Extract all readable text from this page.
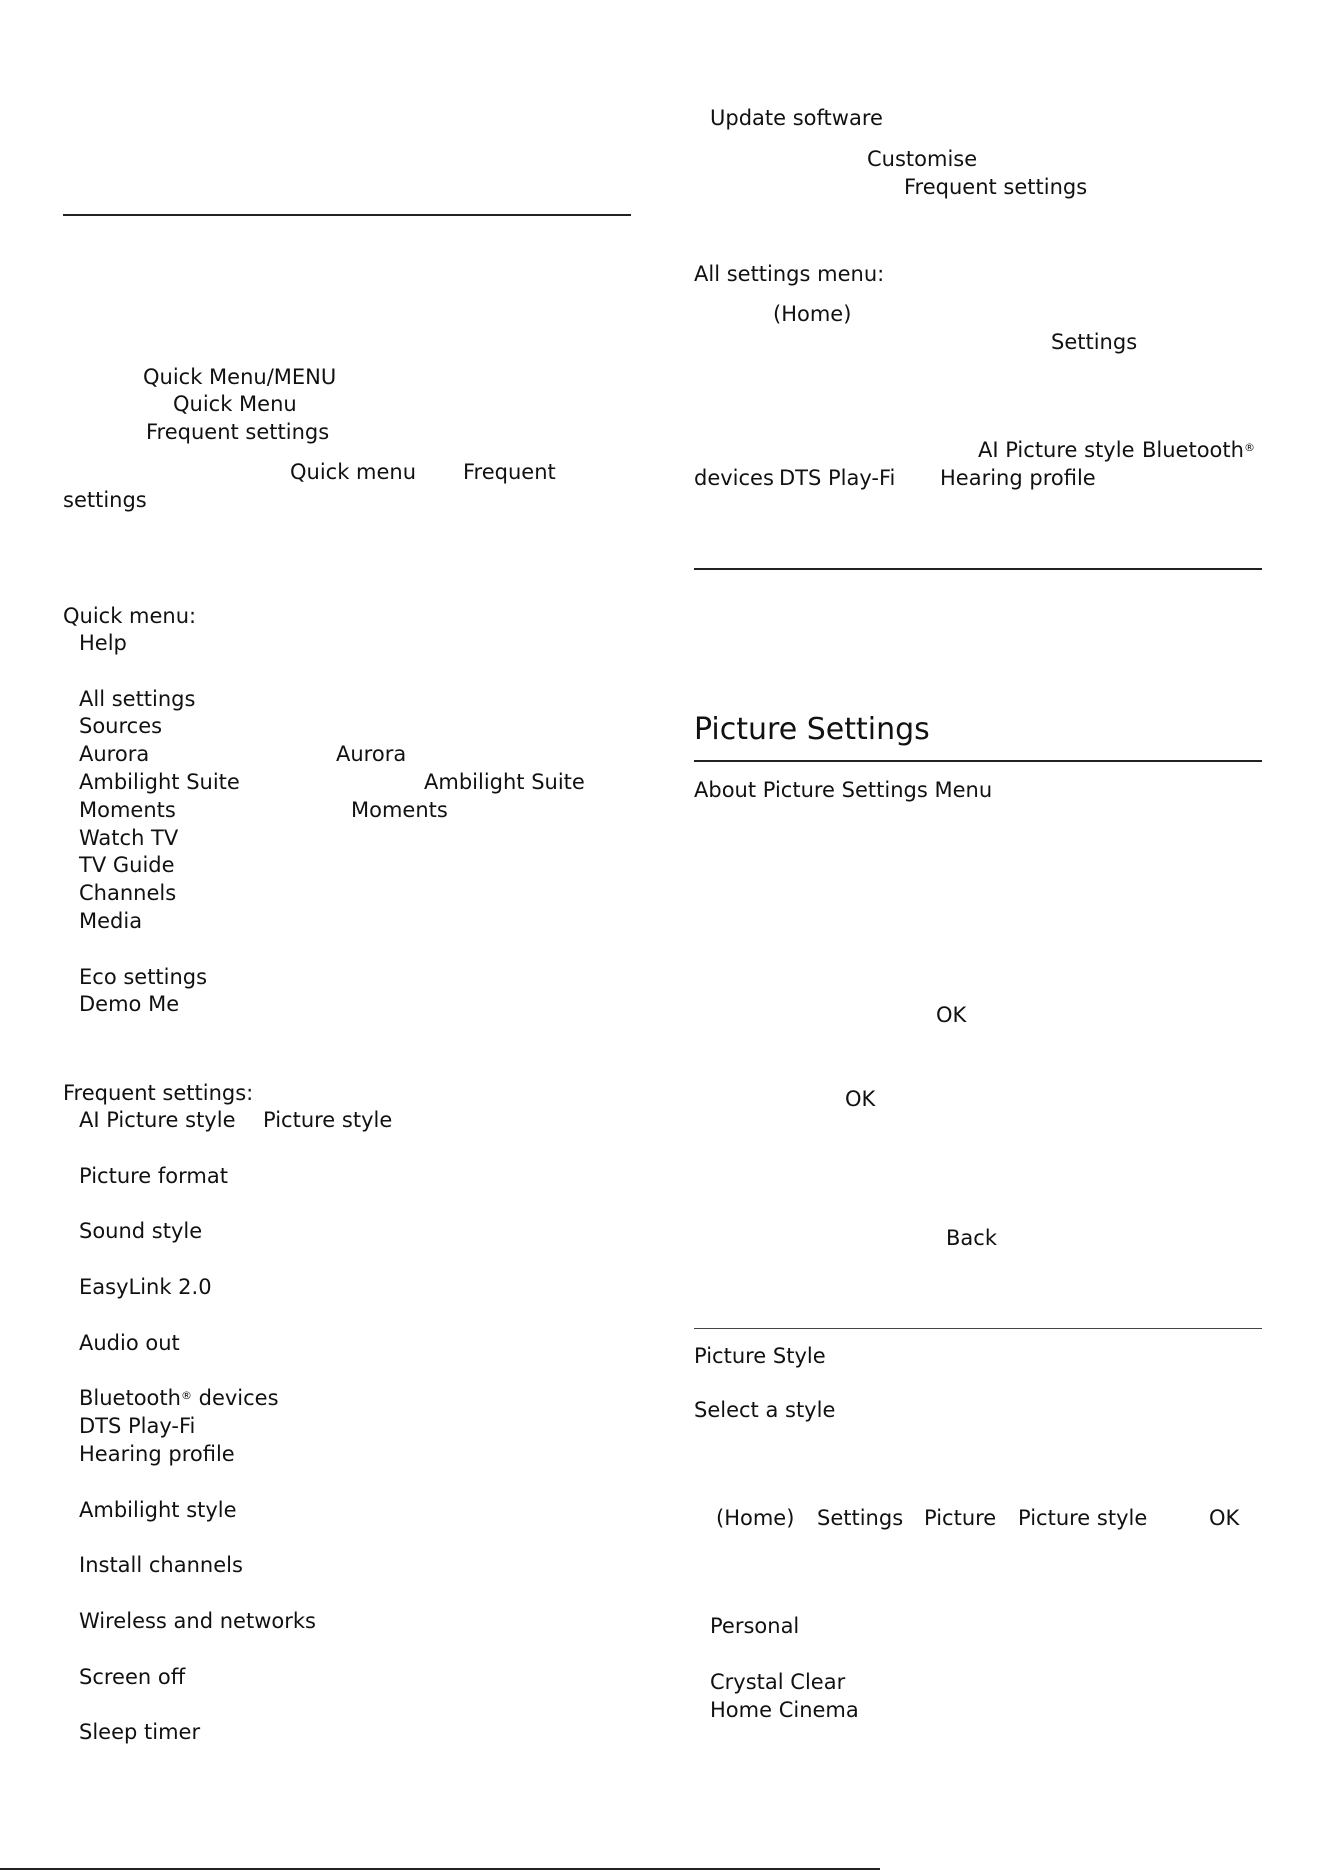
Quick Menu/MENU
Quick Menu
Frequent settings
Quick menu Frequent
settings
Quick menu:
Help
All settings
Sources
Aurora	Aurora
Ambilight Suite	Ambilight Suite
Moments	Moments
Watch TV
TV Guide
Channels
Media
Eco settings
Demo Me
Frequent settings:
AI Picture style Picture style
Picture format
Sound style
EasyLink 2.0
Audio out
Bluetooth® devices
DTS Play-Fi
Hearing profile
Ambilight style
Install channels
Wireless and networks
Screen off
Sleep timer
Update software
Customise
Frequent settings
All settings menu:
(Home)
Settings
AI Picture style Bluetooth®
devices DTS Play-Fi Hearing profile
Picture Settings
About Picture Settings Menu
OK
OK
Back
Picture Style
Select a style
(Home) Settings Picture Picture style	OK
Personal
Crystal Clear
Home Cinema
